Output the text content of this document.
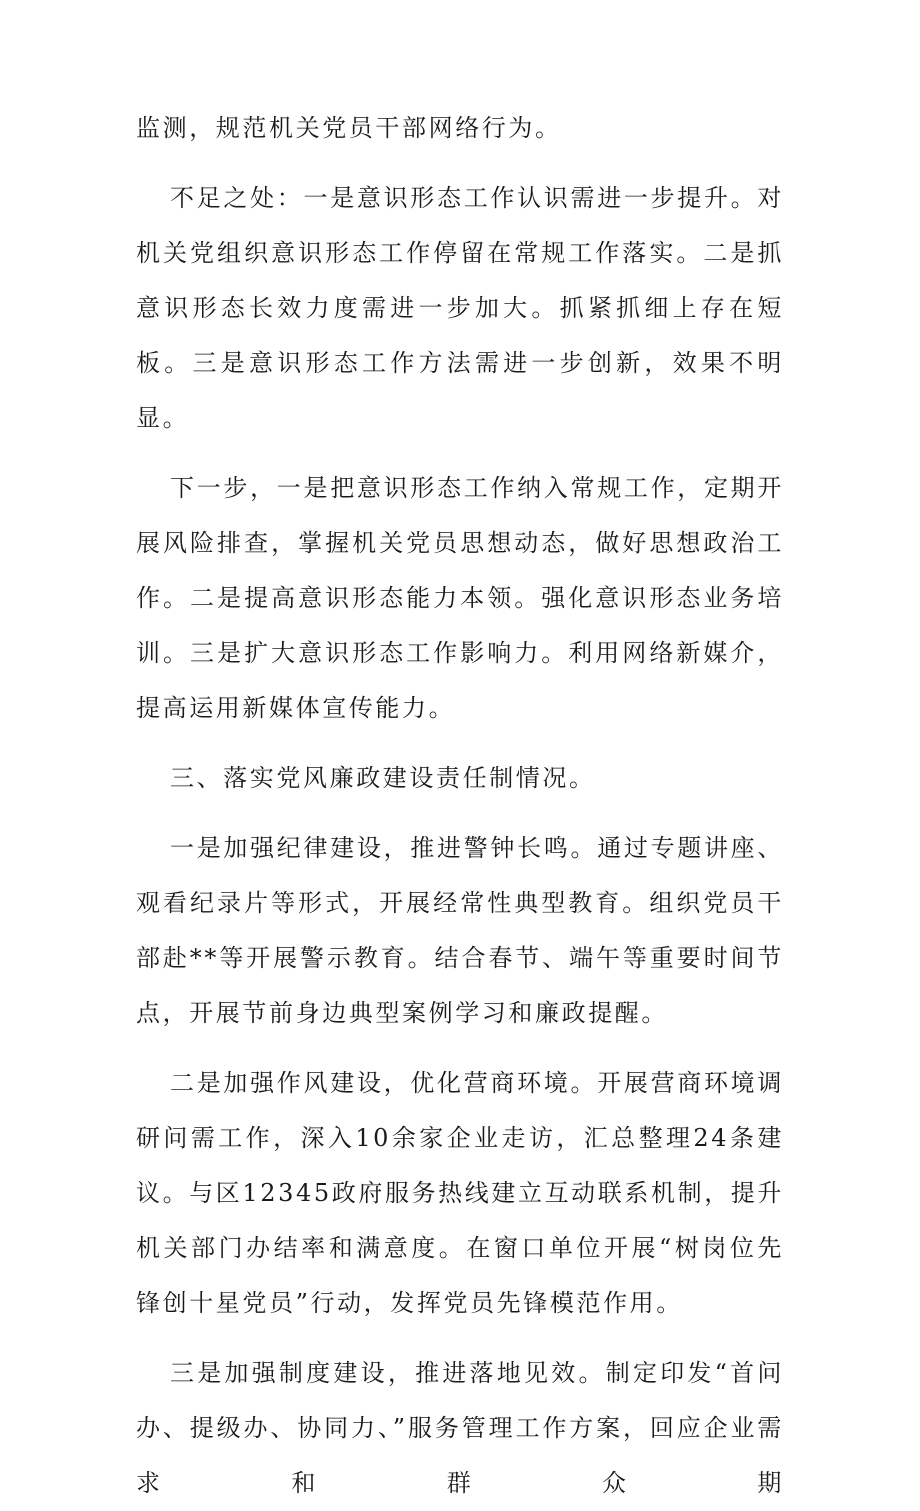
监测，规范机关党员干部网络行为。

不足之处：一是意识形态工作认识需进一步提升。对机关党组织意识形态工作停留在常规工作落实。二是抓意识形态长效力度需进一步加大。抓紧抓细上存在短板。三是意识形态工作方法需进一步创新，效果不明显。

下一步，一是把意识形态工作纳入常规工作，定期开展风险排查，掌握机关党员思想动态，做好思想政治工作。二是提高意识形态能力本领。强化意识形态业务培训。三是扩大意识形态工作影响力。利用网络新媒介，提高运用新媒体宣传能力。

三、落实党风廉政建设责任制情况。

一是加强纪律建设，推进警钟长鸣。通过专题讲座、观看纪录片等形式，开展经常性典型教育。组织党员干部赴**等开展警示教育。结合春节、端午等重要时间节点，开展节前身边典型案例学习和廉政提醒。

二是加强作风建设，优化营商环境。开展营商环境调研问需工作，深入10余家企业走访，汇总整理24条建议。与区12345政府服务热线建立互动联系机制，提升机关部门办结率和满意度。在窗口单位开展“树岗位先锋创十星党员”行动，发挥党员先锋模范作用。

三是加强制度建设，推进落地见效。制定印发“首问办、提级办、协同力、”服务管理工作方案，回应企业需求和群众期
